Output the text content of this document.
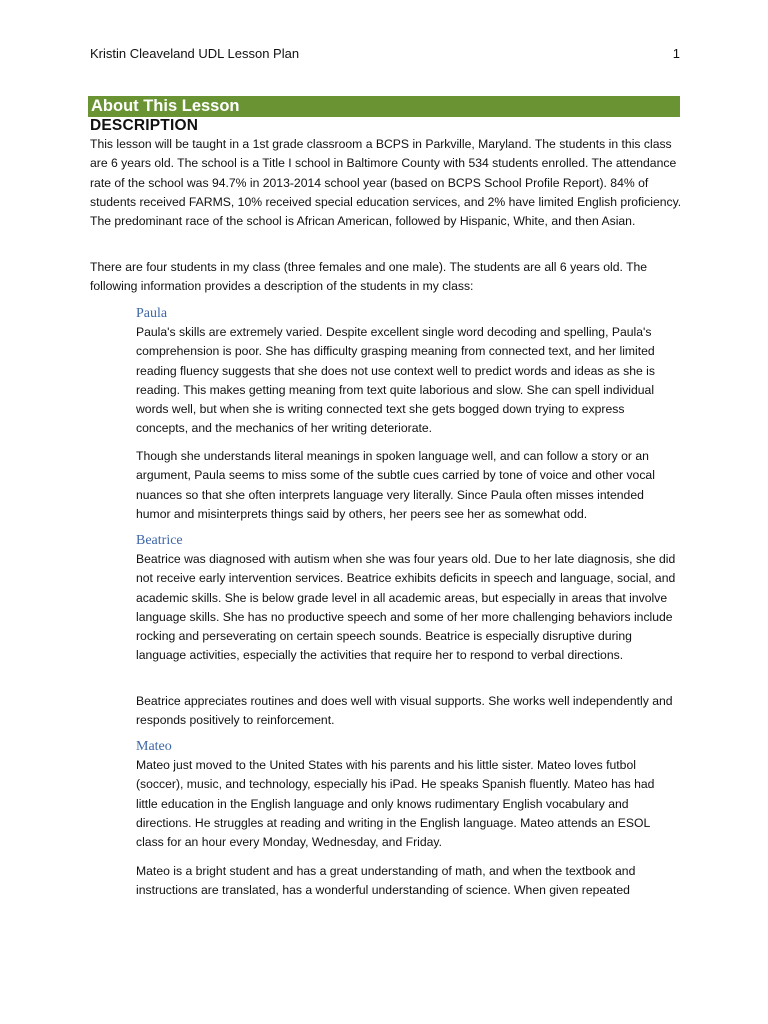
Kristin Cleaveland UDL Lesson Plan	1
About This Lesson
DESCRIPTION

This lesson will be taught in a 1st grade classroom a BCPS in Parkville, Maryland. The students in this class are 6 years old. The school is a Title I school in Baltimore County with 534 students enrolled. The attendance rate of the school was 94.7% in 2013-2014 school year (based on BCPS School Profile Report). 84% of students received FARMS, 10% received special education services, and 2% have limited English proficiency. The predominant race of the school is African American, followed by Hispanic, White, and then Asian.

There are four students in my class (three females and one male). The students are all 6 years old. The following information provides a description of the students in my class:

Paula

Paula's skills are extremely varied. Despite excellent single word decoding and spelling, Paula's comprehension is poor. She has difficulty grasping meaning from connected text, and her limited reading fluency suggests that she does not use context well to predict words and ideas as she is reading. This makes getting meaning from text quite laborious and slow. She can spell individual words well, but when she is writing connected text she gets bogged down trying to express concepts, and the mechanics of her writing deteriorate.

Though she understands literal meanings in spoken language well, and can follow a story or an argument, Paula seems to miss some of the subtle cues carried by tone of voice and other vocal nuances so that she often interprets language very literally. Since Paula often misses intended humor and misinterprets things said by others, her peers see her as somewhat odd.

Beatrice

Beatrice was diagnosed with autism when she was four years old. Due to her late diagnosis, she did not receive early intervention services. Beatrice exhibits deficits in speech and language, social, and academic skills. She is below grade level in all academic areas, but especially in areas that involve language skills. She has no productive speech and some of her more challenging behaviors include rocking and perseverating on certain speech sounds. Beatrice is especially disruptive during language activities, especially the activities that require her to respond to verbal directions.

Beatrice appreciates routines and does well with visual supports. She works well independently and responds positively to reinforcement.

Mateo

Mateo just moved to the United States with his parents and his little sister. Mateo loves futbol (soccer), music, and technology, especially his iPad. He speaks Spanish fluently. Mateo has had little education in the English language and only knows rudimentary English vocabulary and directions. He struggles at reading and writing in the English language. Mateo attends an ESOL class for an hour every Monday, Wednesday, and Friday.

Mateo is a bright student and has a great understanding of math, and when the textbook and instructions are translated, has a wonderful understanding of science. When given repeated
